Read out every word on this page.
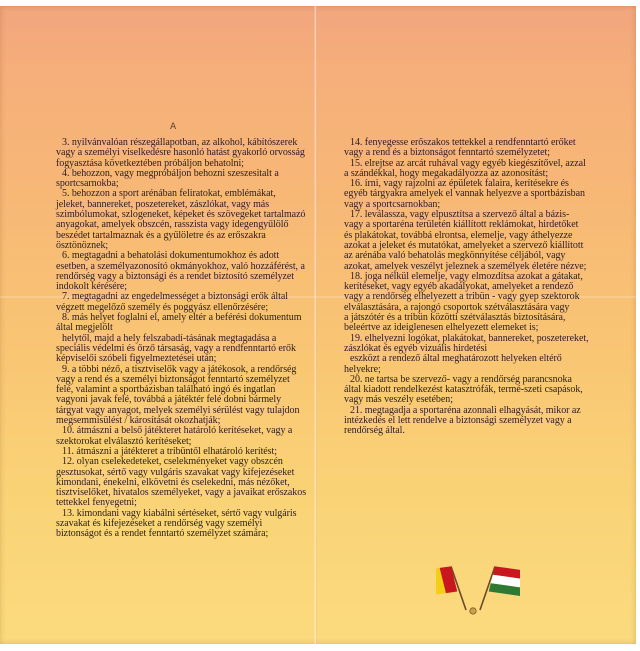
A
3. nyilvánvalóan részegállapotban, az alkohol, kábítószerek
vagy a személyi viselkedésre hasonló hatást gyakorló orvosság
fogyasztása következtében próbáljon behatolni;
4. behozzon, vagy megpróbáljon behozni szeszesitalt a
sportcsarnokba;
5. behozzon a sport arénában feliratokat, emblémákat,
jeleket, bannereket, poszetereket, zászlókat, vagy más
szimbólumokat, szlogeneket, képeket és szövegeket tartalmazó
anyagokat, amelyek obszcén, rasszista vagy idegengyűlölő
beszédet tartalmaznak és a gyűlöletre és az erőszakra
ösztönöznek;
6. megtagadni a behatolási dokumentumokhoz és adott
esetben, a személyazonosító okmányokhoz, való hozzáférést, a
rendőrség vagy a biztonsági és a rendet biztosító személyzet
indokolt kérésére;
7. megtagadni az engedelmességet a biztonsági erők által
végzett megelőző személy és poggyász ellenőrzésére;
8. más helyet foglalni el, amely eltér a beférési dokumentum
által megjelölt
helytől, majd a hely felszabadí-tásának megtagadása a
speciális védelmi és őrző társaság, vagy a rendfenntartó erők
képviselői szóbeli figyelmeztetései után;
9. a többi néző, a tisztviselők vagy a játékosok, a rendőrség
vagy a rend és a személyi biztonságot fenntartó személyzet
felé, valamint a sportbázisban található ingó és ingatlan
vagyoni javak felé, továbbá a játéktér felé dobni bármely
tárgyat vagy anyagot, melyek személyi sérülést vagy tulajdon
megsemmisülést / károsítását okozhatják;
10. átmászni a belső játékteret határoló kerítéseket, vagy a
szektorokat elválasztó kerítéseket;
11. átmászni a játékteret a tribüntől elhatároló kerítést;
12. olyan cselekedeteket, cselekményeket vagy obszcén
gesztusokat, sértő vagy vulgáris szavakat vagy kifejezéseket
kimondani, énekelni, elkövetni és cselekedni, más nézőket,
tisztviselőket, hivatalos személyeket, vagy a javaikat erőszakos
tettekkel fenyegetni;
13. kimondani vagy kiabálni sértéseket, sértő vagy vulgáris
szavakat és kifejezéseket a rendőrség vagy személyi
biztonságot és a rendet fenntartó személyzet számára;
14. fenyegesse erőszakos tettekkel a rendfenntartó erőket
vagy a rend és a biztonságot fenntartó személyzetet;
15. elrejtse az arcát ruhával vagy egyéb kiegészítővel, azzal
a szándékkal, hogy megakadályozza az azonosítást;
16. írni, vagy rajzolni az épületek falaira, kerítésekre és
egyéb tárgyakra amelyek el vannak helyezve a sportbázisban
vagy a sportcsarnokban;
17. leválassza, vagy elpusztítsa a szervező által a bázis-
vagy a sportaréna területén kiállított reklámokat, hirdetőket
és plakátokat, továbbá elrontsa, elemelje, vagy áthelyezze
azokat a jeleket és mutatókat, amelyeket a szervező kiállított
az arénába való behatolás megkönnyítése céljából, vagy
azokat, amelyek veszélyt jeleznek a személyek életére nézve;
18. joga nélkül elemelje, vagy elmozdítsa azokat a gátakat,
kerítéseket, vagy egyéb akadályokat, amelyeket a rendező
vagy a rendőrség elhelyezett a tribün - vagy gyep szektorok
elválasztására, a rajongó csoportok szétválasztására vagy
a játszótér és a tribün közötti szétválasztás biztosítására,
beleértve az ideiglenesen elhelyezett elemeket is;
19. elhelyezni logókat, plakátokat, bannereket, poszetereket,
zászlókat és egyéb vizuális hirdetési
eszközt a rendező által meghatározott helyeken eltérő
helyekre;
20. ne tartsa be szervező- vagy a rendőrség parancsnoka
által kiadott rendelkezést katasztrófák, termé-szeti csapások,
vagy más veszély esetében;
21. megtagadja a sportaréna azonnali elhagyását, mikor az
intézkedés el lett rendelve a biztonsági személyzet vagy a
rendőrség által.
